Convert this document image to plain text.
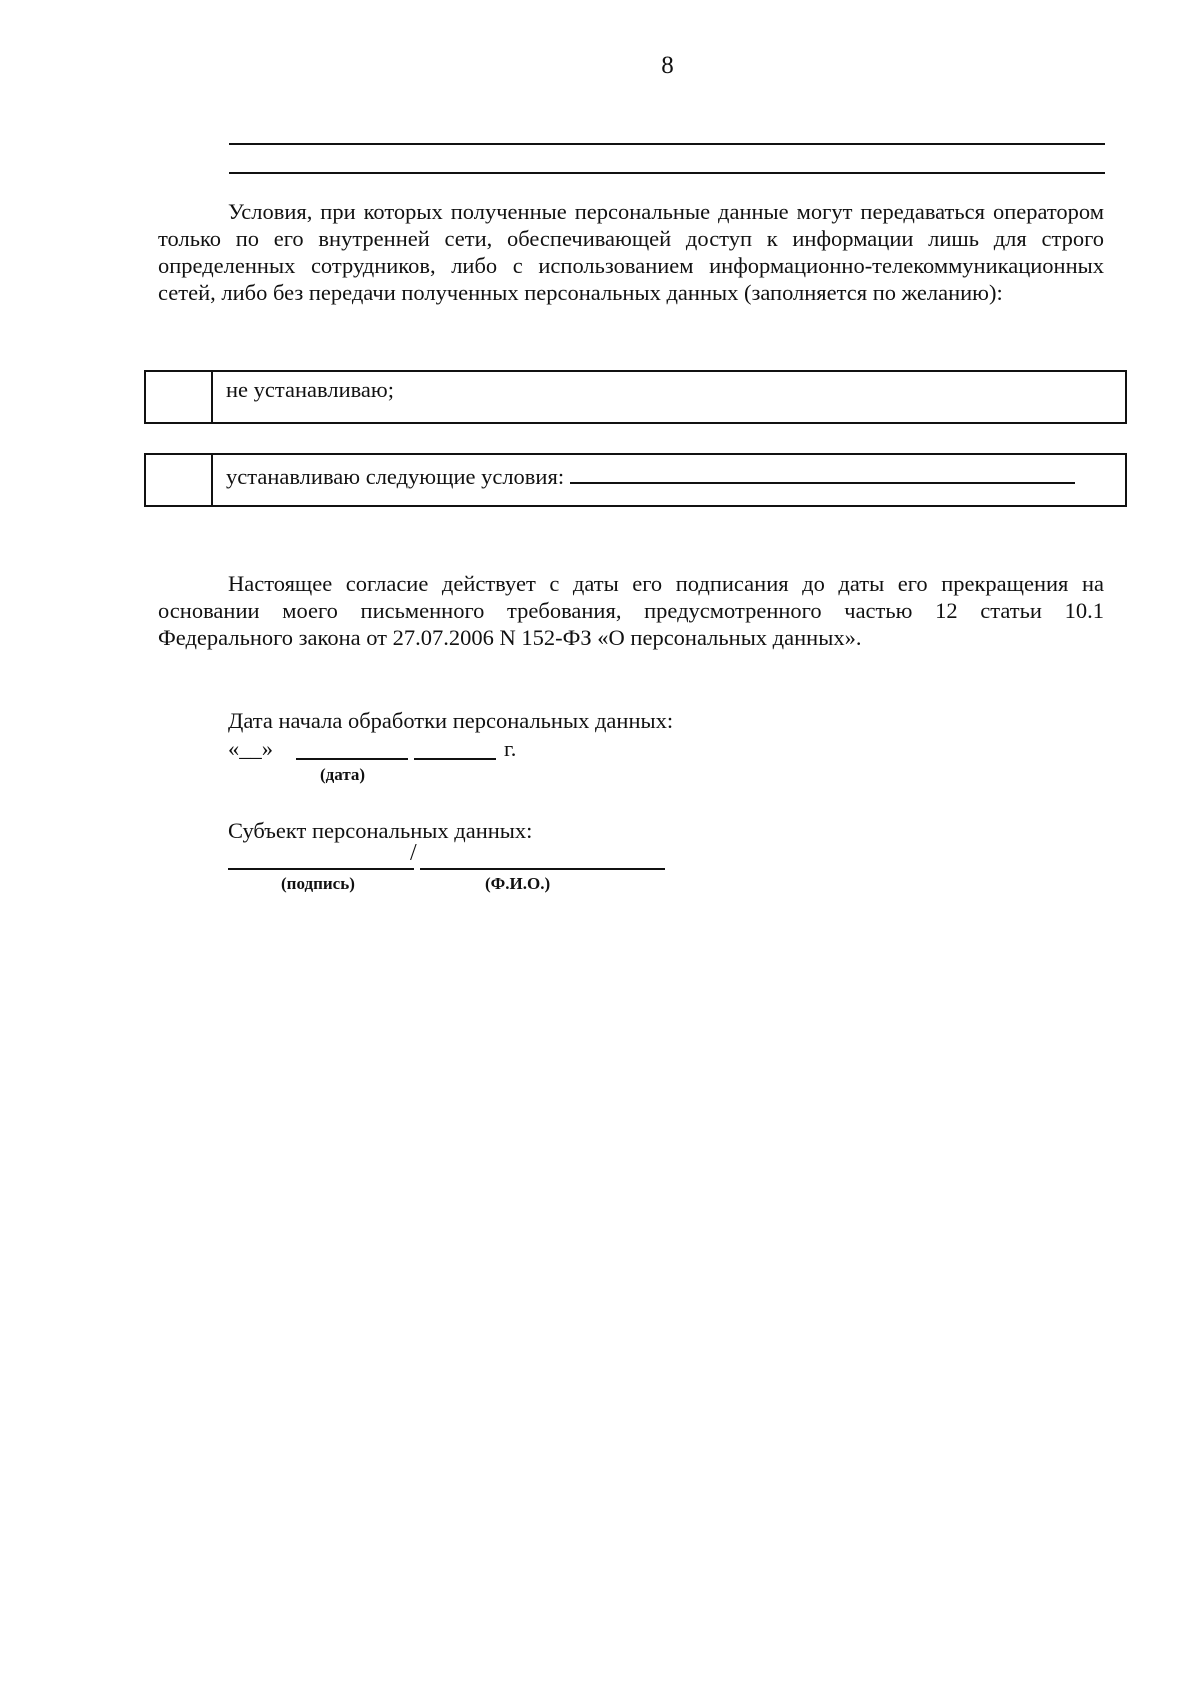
8

Условия, при которых полученные персональные данные могут передаваться оператором только по его внутренней сети, обеспечивающей доступ к информации лишь для строго определенных сотрудников, либо с использованием информационно-телекоммуникационных сетей, либо без передачи полученных персональных данных (заполняется по желанию):

не устанавливаю;
устанавливаю следующие условия:

Настоящее согласие действует с даты его подписания до даты его прекращения на основании моего письменного требования, предусмотренного частью 12 статьи 10.1 Федерального закона от 27.07.2006 N 152-ФЗ «О персональных данных».

Дата начала обработки персональных данных:
«__»	г.
(дата)
Субъект персональных данных:
/
(подпись)	(Ф.И.О.)
